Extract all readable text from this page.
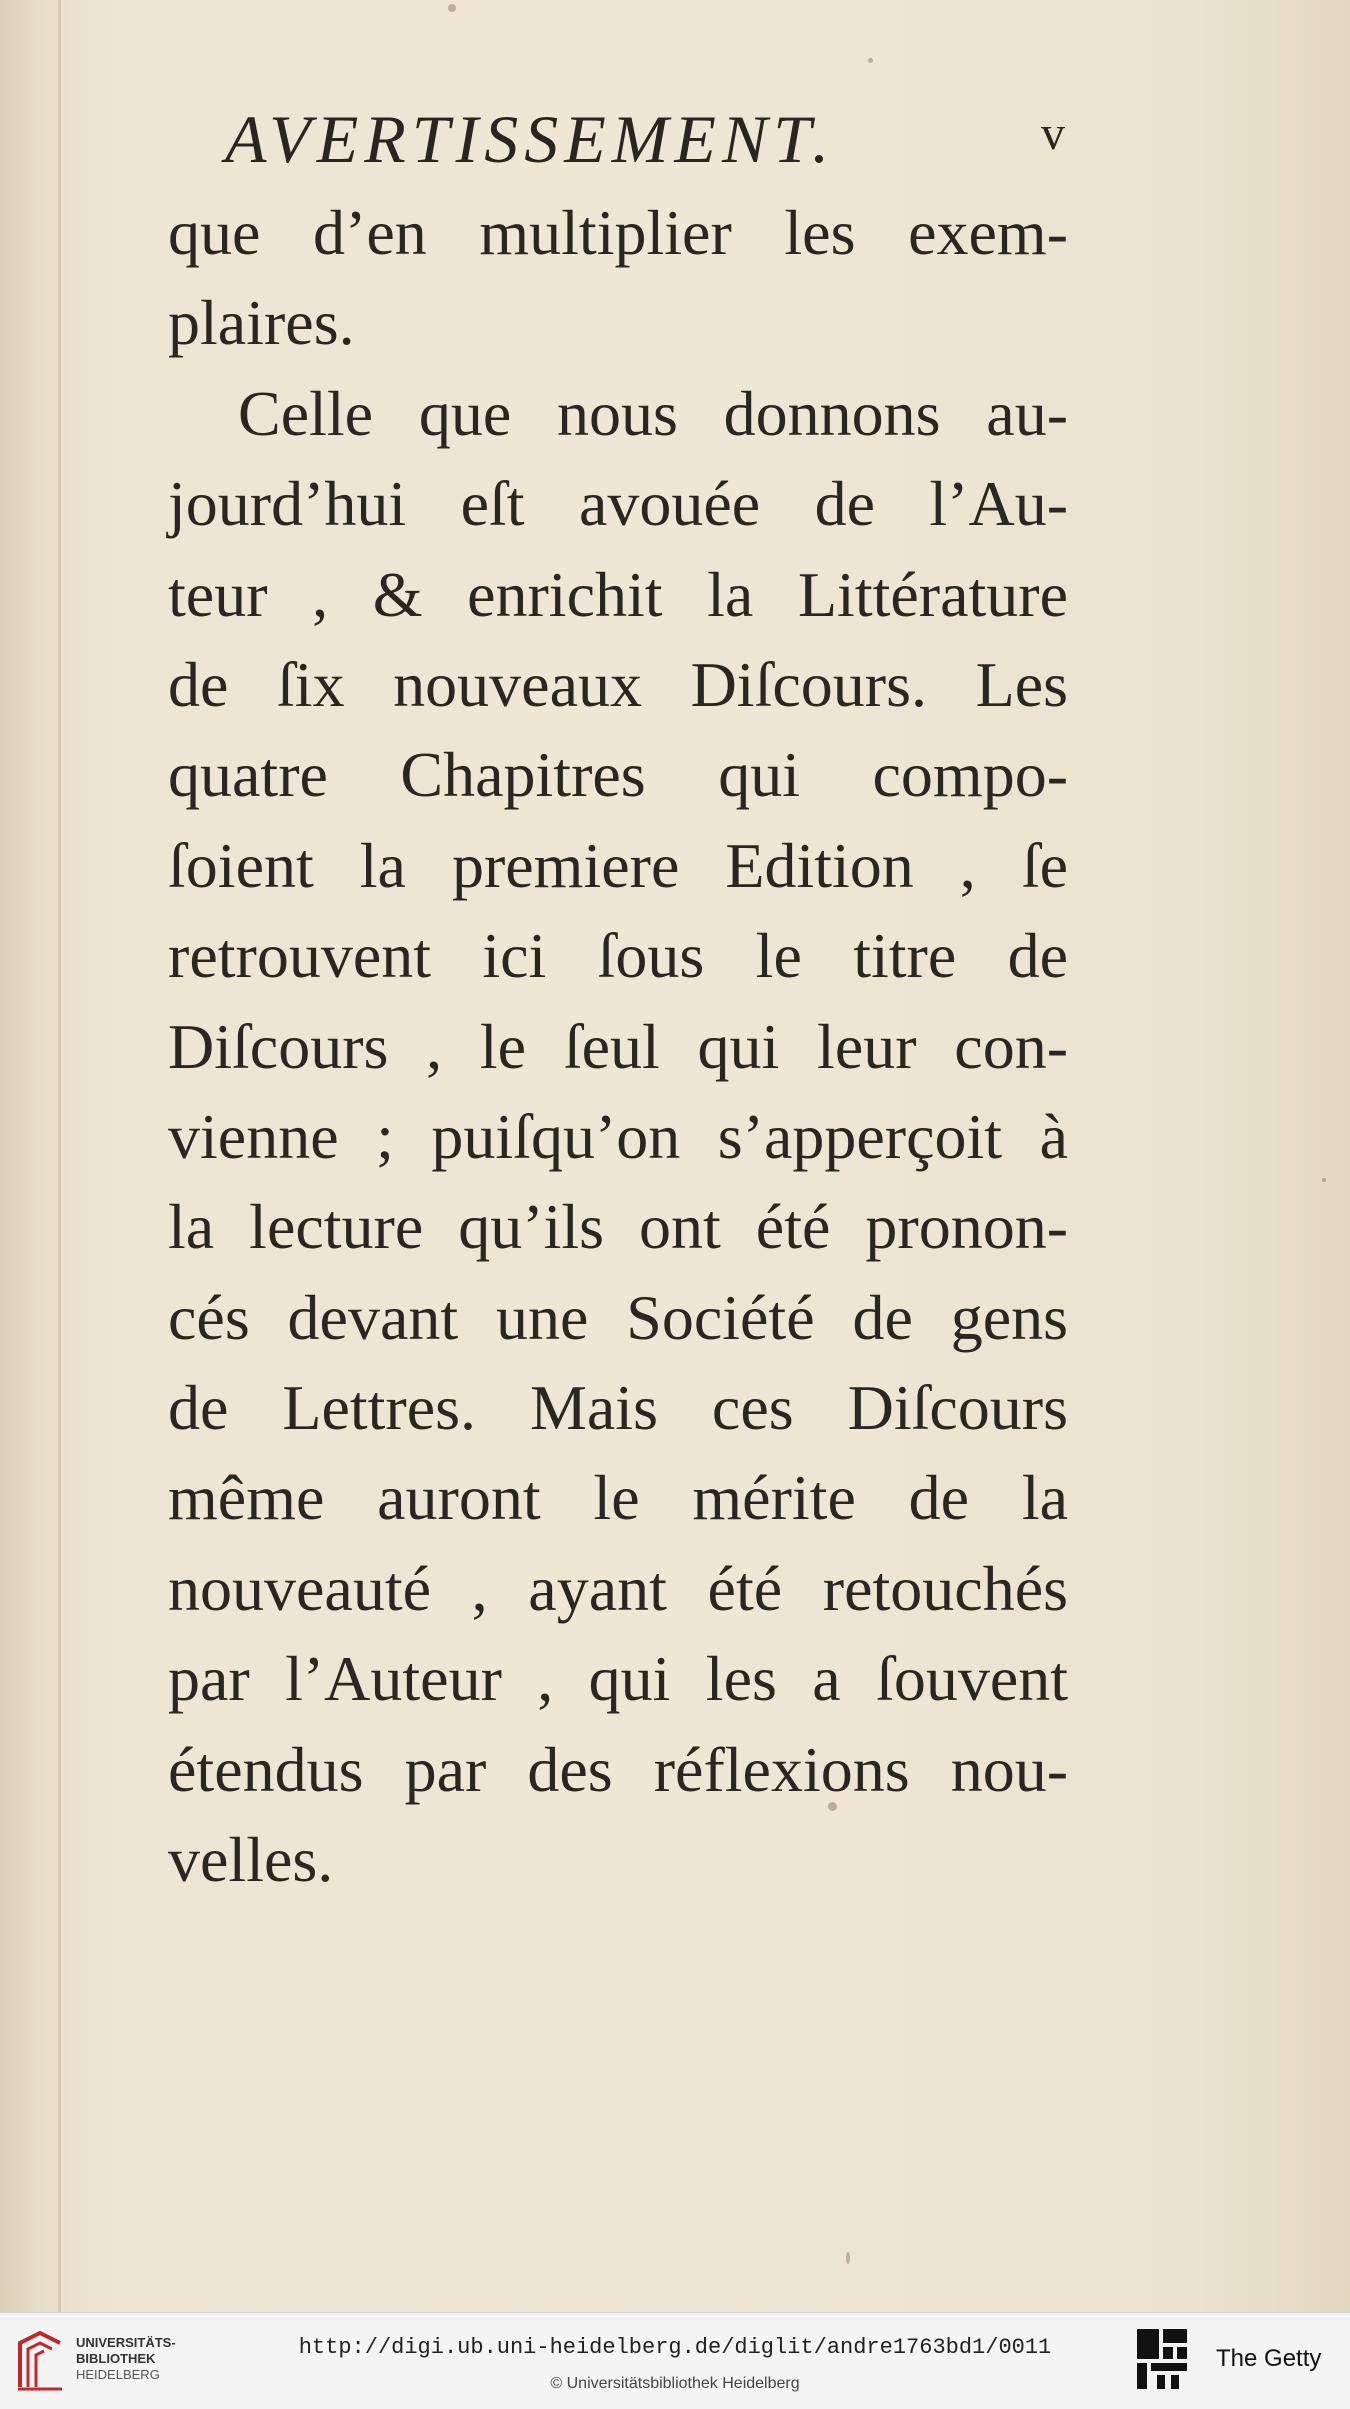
AVERTISSEMENT.	v
que d’en multiplier les exem-
plaires.
Celle que nous donnons au-
jourd’hui eſt avouée de l’Au-
teur , & enrichit la Littérature
de ſix nouveaux Diſcours. Les
quatre Chapitres qui compo-
ſoient la premiere Edition , ſe
retrouvent ici ſous le titre de
Diſcours , le ſeul qui leur con-
vienne ; puiſqu’on s’apperçoit à
la lecture qu’ils ont été pronon-
cés devant une Société de gens
de Lettres. Mais ces Diſcours
même auront le mérite de la
nouveauté , ayant été retouchés
par l’Auteur , qui les a ſouvent
étendus par des réflexions nou-
velles.
UNIVERSITÄTS-
BIBLIOTHEK
HEIDELBERG
http://digi.ub.uni-heidelberg.de/diglit/andre1763bd1/0011
© Universitätsbibliothek Heidelberg
The Getty
